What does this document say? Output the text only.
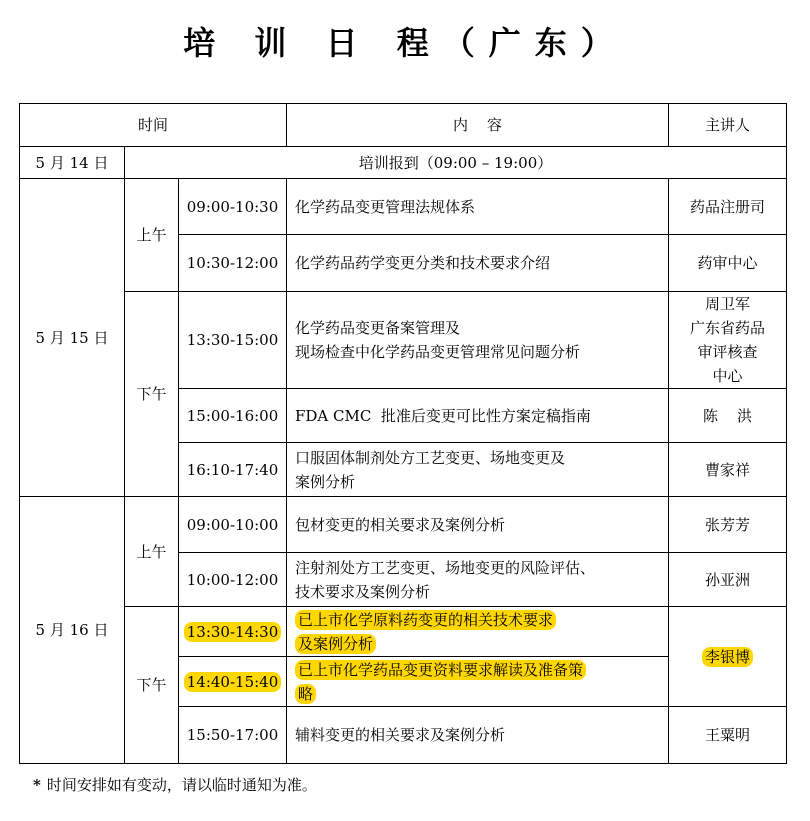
培 训 日 程（广东）
时间			内    容	主讲人
5 月 14 日	培训报到（09:00 – 19:00）			
5 月 15 日	上午	09:00-10:30	化学药品变更管理法规体系	药品注册司
		10:30-12:00	化学药品药学变更分类和技术要求介绍	药审中心
	下午	13:30-15:00	化学药品变更备案管理及
现场检查中化学药品变更管理常见问题分析	周卫军
广东省药品
审评核查
中心
		15:00-16:00	FDA CMC  批准后变更可比性方案定稿指南	陈    洪
		16:10-17:40	口服固体制剂处方工艺变更、场地变更及
案例分析	曹家祥
5 月 16 日	上午	09:00-10:00	包材变更的相关要求及案例分析	张芳芳
		10:00-12:00	注射剂处方工艺变更、场地变更的风险评估、
技术要求及案例分析	孙亚洲
	下午	13:30-14:30	已上市化学原料药变更的相关技术要求
及案例分析	李银博
		14:40-15:40	已上市化学药品变更资料要求解读及准备策
略	
		15:50-17:00	辅料变更的相关要求及案例分析	王粟明
* 时间安排如有变动，请以临时通知为准。
